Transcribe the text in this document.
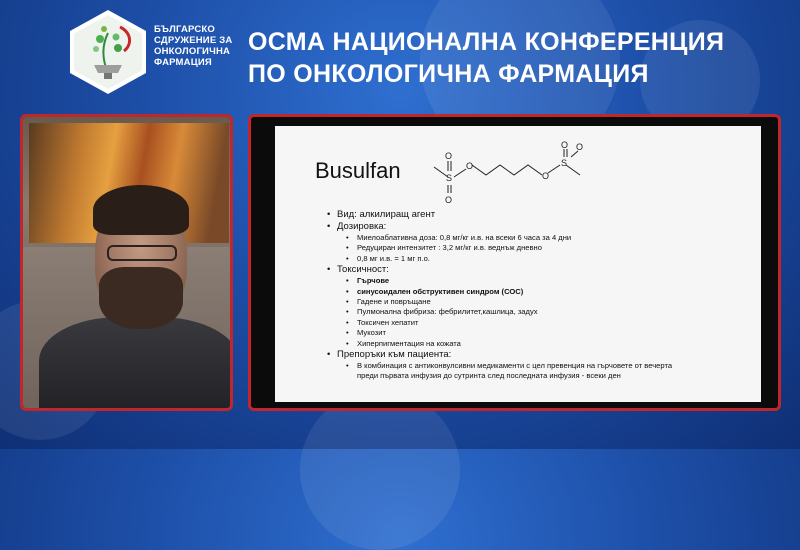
БЪЛГАРСКО
СДРУЖЕНИЕ ЗА
ОНКОЛОГИЧНА
ФАРМАЦИЯ
ОСМА НАЦИОНАЛНА КОНФЕРЕНЦИЯ
ПО ОНКОЛОГИЧНА ФАРМАЦИЯ
Busulfan
O
S
O
O
O
S
O O
• Вид: алкилиращ агент
• Дозировка:
• Миелоаблативна доза: 0,8 мг/кг и.в. на всеки 6 часа за 4 дни
• Редуциран интензитет : 3,2 мг/кг и.в. веднъж дневно
• 0,8 мг и.в. = 1 мг п.о.
• Токсичност:
• Гърчове
• синусоидален обструктивен синдром (СОС)
• Гадене и повръщане
• Пулмонална фибриза: фебрилитет,кашлица, задух
• Токсичен хепатит
• Мукозит
• Хиперпигментация на кожата
• Препоръки към пациента:
• В комбинация с антиконвулсивни медикаменти с цел превенция на гърчовете от вечерта
преди първата инфузия до сутринта след последната инфузия - всеки ден
